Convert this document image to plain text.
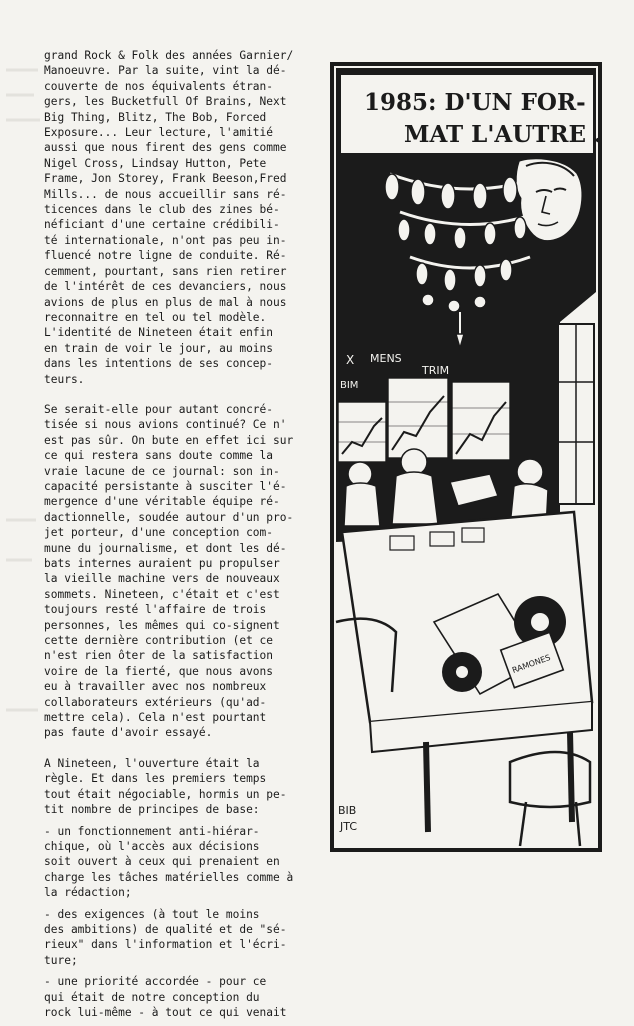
grand Rock & Folk des années Garnier/
Manoeuvre. Par la suite, vint la dé-
couverte de nos équivalents étran-
gers, les Bucketfull Of Brains, Next
Big Thing, Blitz, The Bob, Forced
Exposure... Leur lecture, l'amitié
aussi que nous firent des gens comme
Nigel Cross, Lindsay Hutton, Pete
Frame, Jon Storey, Frank Beeson,Fred
Mills... de nous accueillir sans ré-
ticences dans le club des zines bé-
néficiant d'une certaine crédibili-
té internationale, n'ont pas peu in-
fluencé notre ligne de conduite. Ré-
cemment, pourtant, sans rien retirer
de l'intérêt de ces devanciers, nous
avions de plus en plus de mal à nous
reconnaitre en tel ou tel modèle.
L'identité de Nineteen était enfin
en train de voir le jour, au moins
dans les intentions de ses concep-
teurs.

Se serait-elle pour autant concré-
tisée si nous avions continué? Ce n'
est pas sûr. On bute en effet ici sur
ce qui restera sans doute comme la
vraie lacune de ce journal: son in-
capacité persistante à susciter l'é-
mergence d'une véritable équipe ré-
dactionnelle, soudée autour d'un pro-
jet porteur, d'une conception com-
mune du journalisme, et dont les dé-
bats internes auraient pu propulser
la vieille machine vers de nouveaux
sommets. Nineteen, c'était et c'est
toujours resté l'affaire de trois
personnes, les mêmes qui co-signent
cette dernière contribution (et ce
n'est rien ôter de la satisfaction
voire de la fierté, que nous avons
eu à travailler avec nos nombreux
collaborateurs extérieurs (qu'ad-
mettre cela). Cela n'est pourtant
pas faute d'avoir essayé.

A Nineteen, l'ouverture était la
règle. Et dans les premiers temps
tout était négociable, hormis un pe-
tit nombre de principes de base:

- un fonctionnement anti-hiérar-
chique, où l'accès aux décisions
soit ouvert à ceux qui prenaient en
charge les tâches matérielles comme à
la rédaction;

- des exigences (à tout le moins
des ambitions) de qualité et de "sé-
rieux" dans l'information et l'écri-
ture;

- une priorité accordée - pour ce
qui était de notre conception du
rock lui-même - à tout ce qui venait

1985: D'UN FOR-
MAT L'AUTRE .
X MENS
TRIM
BIM
RAMONES
BIB
JTC
